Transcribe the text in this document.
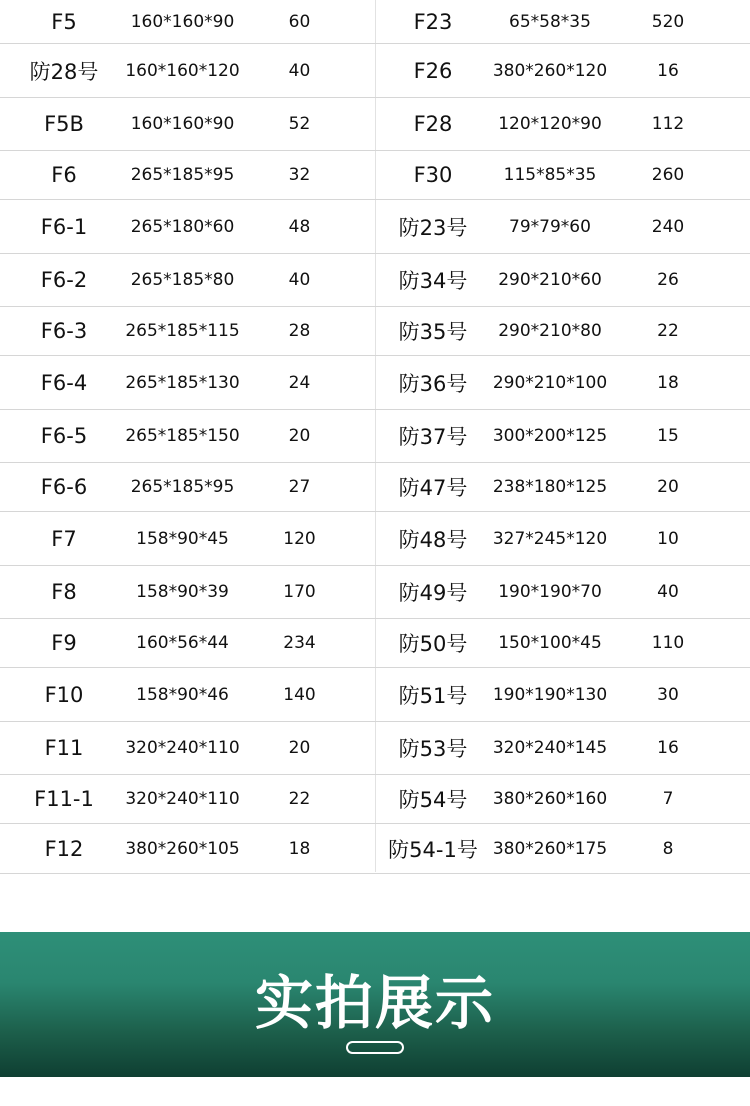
F5	160*160*90	60	F23	65*58*35	520
防28号	160*160*120	40	F26	380*260*120	16
F5B	160*160*90	52	F28	120*120*90	112
F6	265*185*95	32	F30	115*85*35	260
F6-1	265*180*60	48	防23号	79*79*60	240
F6-2	265*185*80	40	防34号	290*210*60	26
F6-3	265*185*115	28	防35号	290*210*80	22
F6-4	265*185*130	24	防36号	290*210*100	18
F6-5	265*185*150	20	防37号	300*200*125	15
F6-6	265*185*95	27	防47号	238*180*125	20
F7	158*90*45	120	防48号	327*245*120	10
F8	158*90*39	170	防49号	190*190*70	40
F9	160*56*44	234	防50号	150*100*45	110
F10	158*90*46	140	防51号	190*190*130	30
F11	320*240*110	20	防53号	320*240*145	16
F11-1	320*240*110	22	防54号	380*260*160	7
F12	380*260*105	18	防54-1号 380*260*175	8
实拍展示
